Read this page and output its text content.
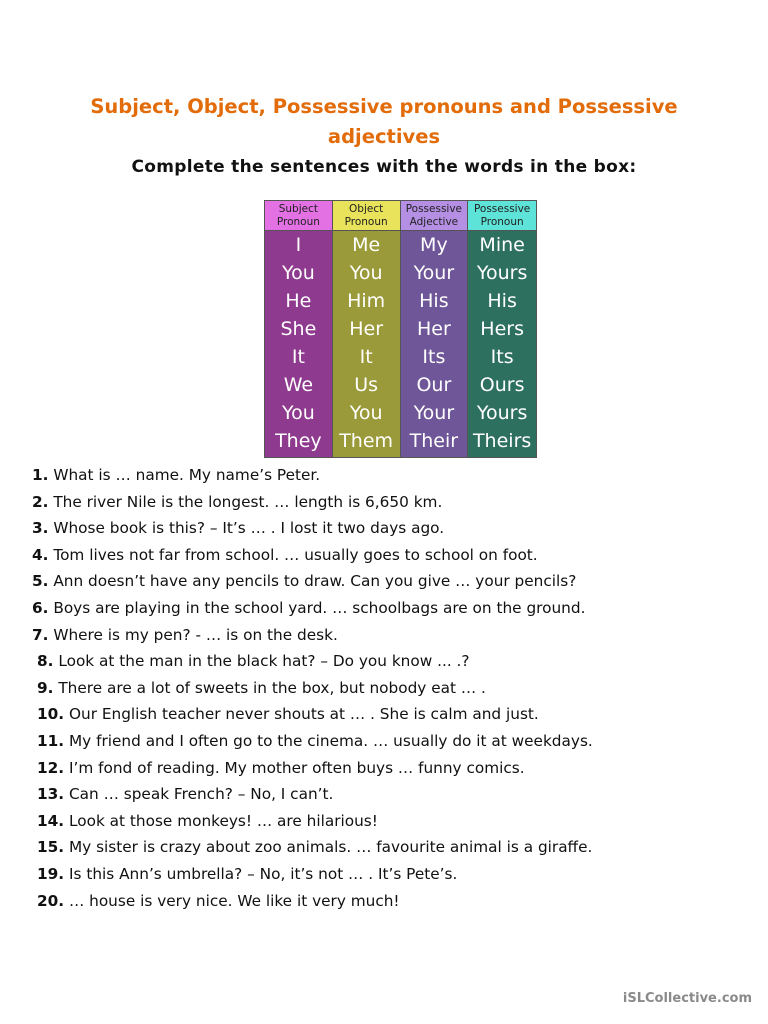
Subject, Object, Possessive pronouns and Possessive adjectives
Complete the sentences with the words in the box:
Subject
Pronoun
I
You
He
She
It
We
You
They
Object
Pronoun
Me
You
Him
Her
It
Us
You
Them
Possessive
Adjective
My
Your
His
Her
Its
Our
Your
Their
Possessive
Pronoun
Mine
Yours
His
Hers
Its
Ours
Yours
Theirs
1. What is … name. My name’s Peter.
2. The river Nile is the longest. … length is 6,650 km.
3. Whose book is this? – It’s … . I lost it two days ago.
4. Tom lives not far from school. … usually goes to school on foot.
5. Ann doesn’t have any pencils to draw. Can you give … your pencils?
6. Boys are playing in the school yard. … schoolbags are on the ground.
7. Where is my pen? - … is on the desk.
8. Look at the man in the black hat? – Do you know ... .?
9. There are a lot of sweets in the box, but nobody eat … .
10. Our English teacher never shouts at … . She is calm and just.
11. My friend and I often go to the cinema. … usually do it at weekdays.
12. I’m fond of reading. My mother often buys … funny comics.
13. Can … speak French? – No, I can’t.
14. Look at those monkeys! … are hilarious!
15. My sister is crazy about zoo animals. … favourite animal is a giraffe.
19. Is this Ann’s umbrella? – No, it’s not … . It’s Pete’s.
20. … house is very nice. We like it very much!
iSLCollective.com
